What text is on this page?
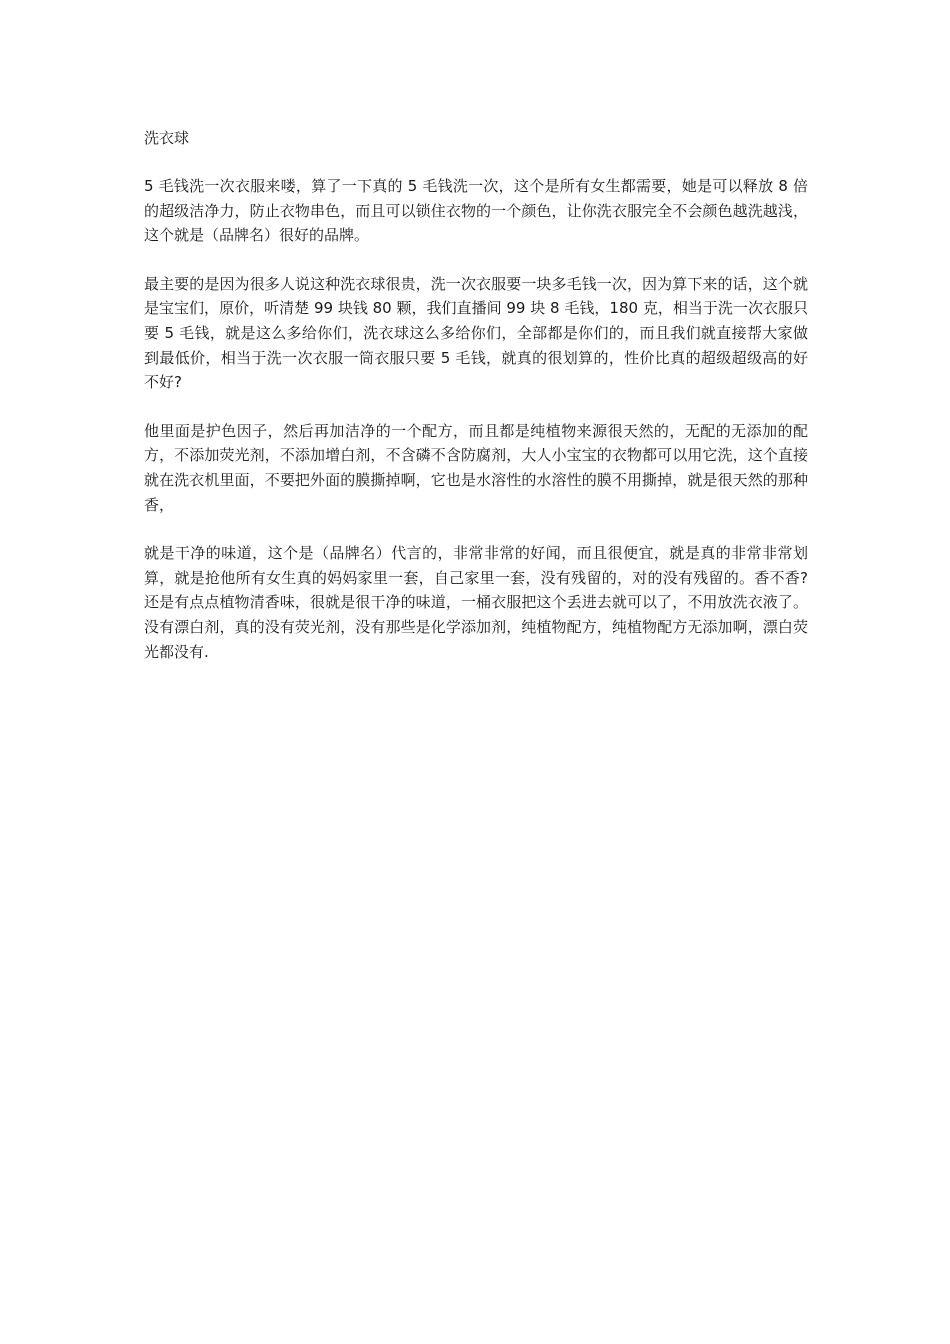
洗衣球

5 毛钱洗一次衣服来喽，算了一下真的 5 毛钱洗一次，这个是所有女生都需要，她是可以释放 8 倍的超级洁净力，防止衣物串色，而且可以锁住衣物的一个颜色，让你洗衣服完全不会颜色越洗越浅，这个就是（品牌名）很好的品牌。

最主要的是因为很多人说这种洗衣球很贵，洗一次衣服要一块多毛钱一次，因为算下来的话，这个就是宝宝们，原价，听清楚 99 块钱 80 颗，我们直播间 99 块 8 毛钱，180 克，相当于洗一次衣服只要 5 毛钱，就是这么多给你们，洗衣球这么多给你们，全部都是你们的，而且我们就直接帮大家做到最低价，相当于洗一次衣服一筒衣服只要 5 毛钱，就真的很划算的，性价比真的超级超级高的好不好?

他里面是护色因子，然后再加洁净的一个配方，而且都是纯植物来源很天然的，无配的无添加的配方，不添加荧光剂，不添加增白剂，不含磷不含防腐剂，大人小宝宝的衣物都可以用它洗，这个直接就在洗衣机里面，不要把外面的膜撕掉啊，它也是水溶性的水溶性的膜不用撕掉，就是很天然的那种香，

就是干净的味道，这个是（品牌名）代言的，非常非常的好闻，而且很便宜，就是真的非常非常划算，就是抢他所有女生真的妈妈家里一套，自己家里一套，没有残留的，对的没有残留的。香不香?还是有点点植物清香味，很就是很干净的味道，一桶衣服把这个丢进去就可以了，不用放洗衣液了。没有漂白剂，真的没有荧光剂，没有那些是化学添加剂，纯植物配方，纯植物配方无添加啊，漂白荧光都没有.
